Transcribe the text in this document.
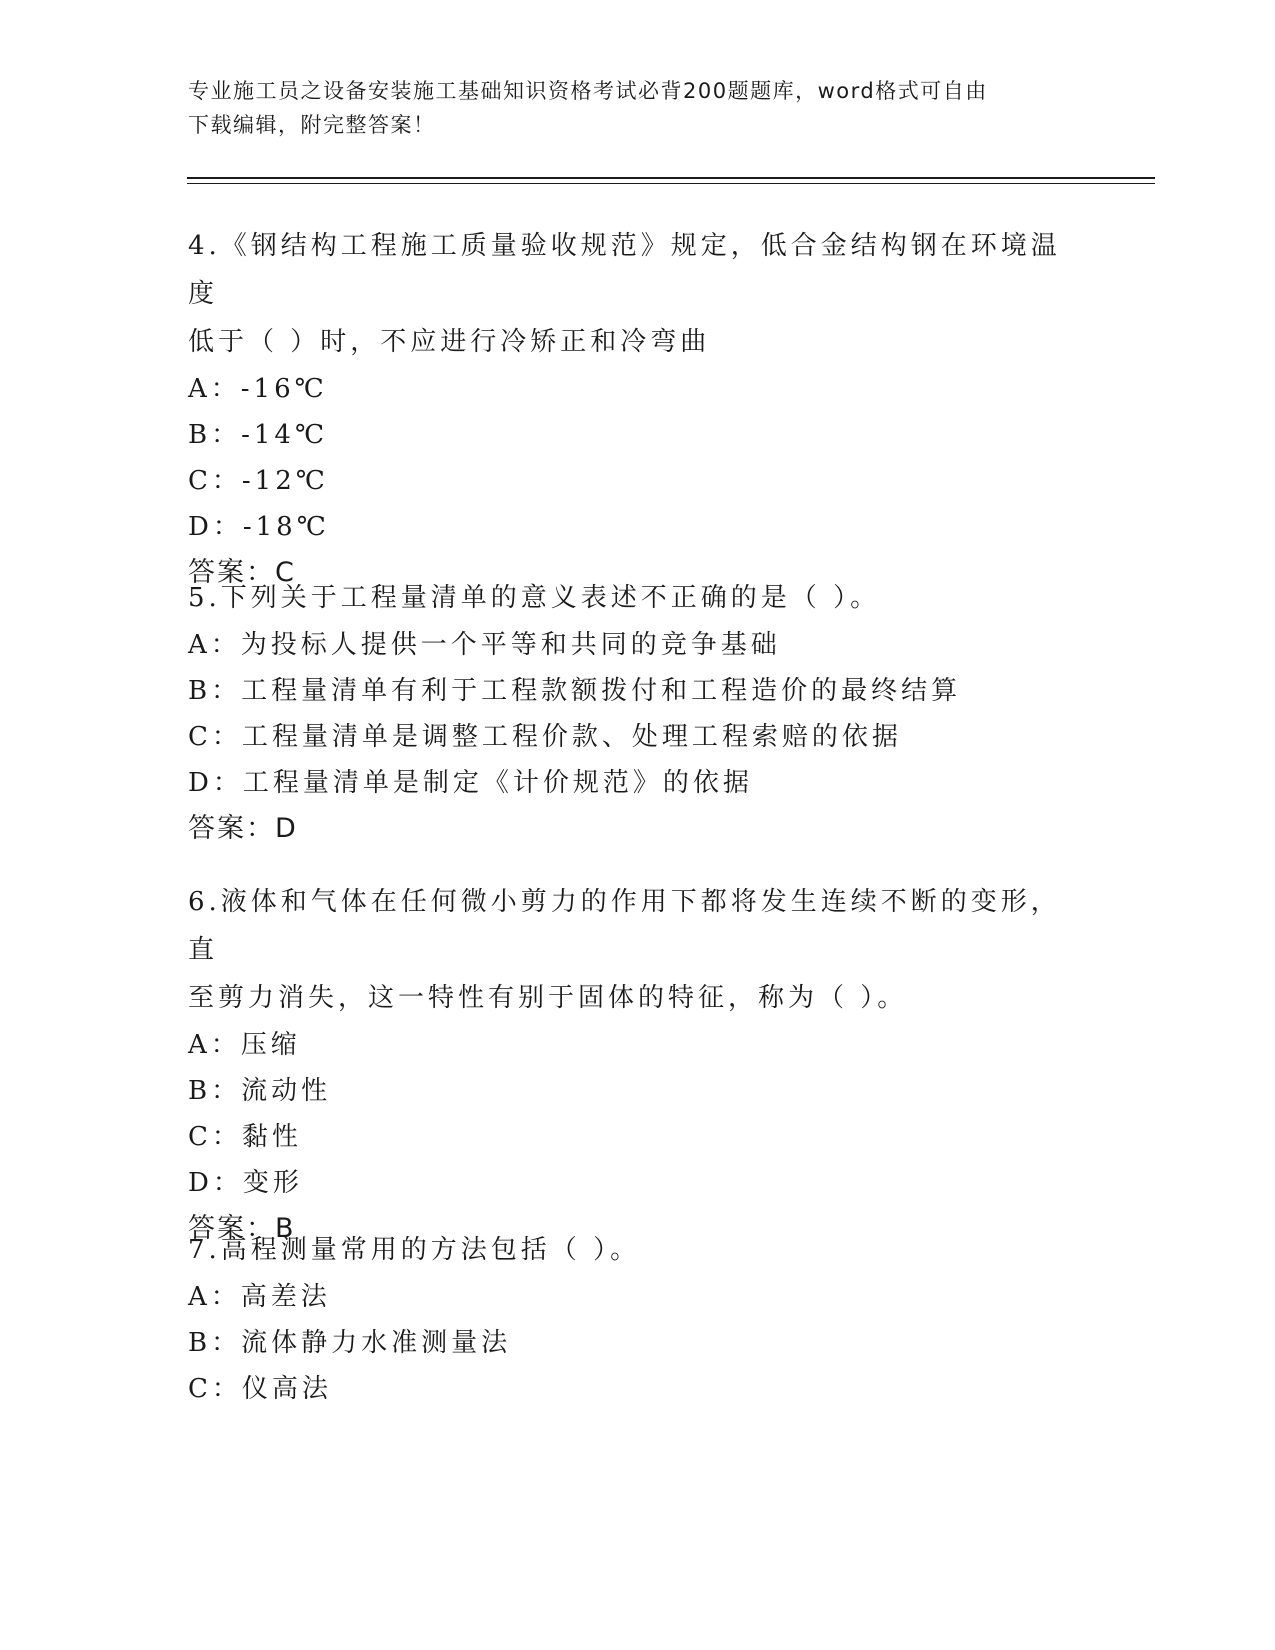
专业施工员之设备安装施工基础知识资格考试必背200题题库，word格式可自由
下载编辑，附完整答案！
4.《钢结构工程施工质量验收规范》规定，低合金结构钢在环境温度
低于（ ）时，不应进行冷矫正和冷弯曲
A：-16℃
B：-14℃
C：-12℃
D：-18℃
答案：C
5.下列关于工程量清单的意义表述不正确的是（ ）。
A：为投标人提供一个平等和共同的竞争基础
B：工程量清单有利于工程款额拨付和工程造价的最终结算
C：工程量清单是调整工程价款、处理工程索赔的依据
D：工程量清单是制定《计价规范》的依据
答案：D
6.液体和气体在任何微小剪力的作用下都将发生连续不断的变形，直
至剪力消失，这一特性有别于固体的特征，称为（ ）。
A：压缩
B：流动性
C：黏性
D：变形
答案：B
7.高程测量常用的方法包括（ ）。
A：高差法
B：流体静力水准测量法
C：仪高法
